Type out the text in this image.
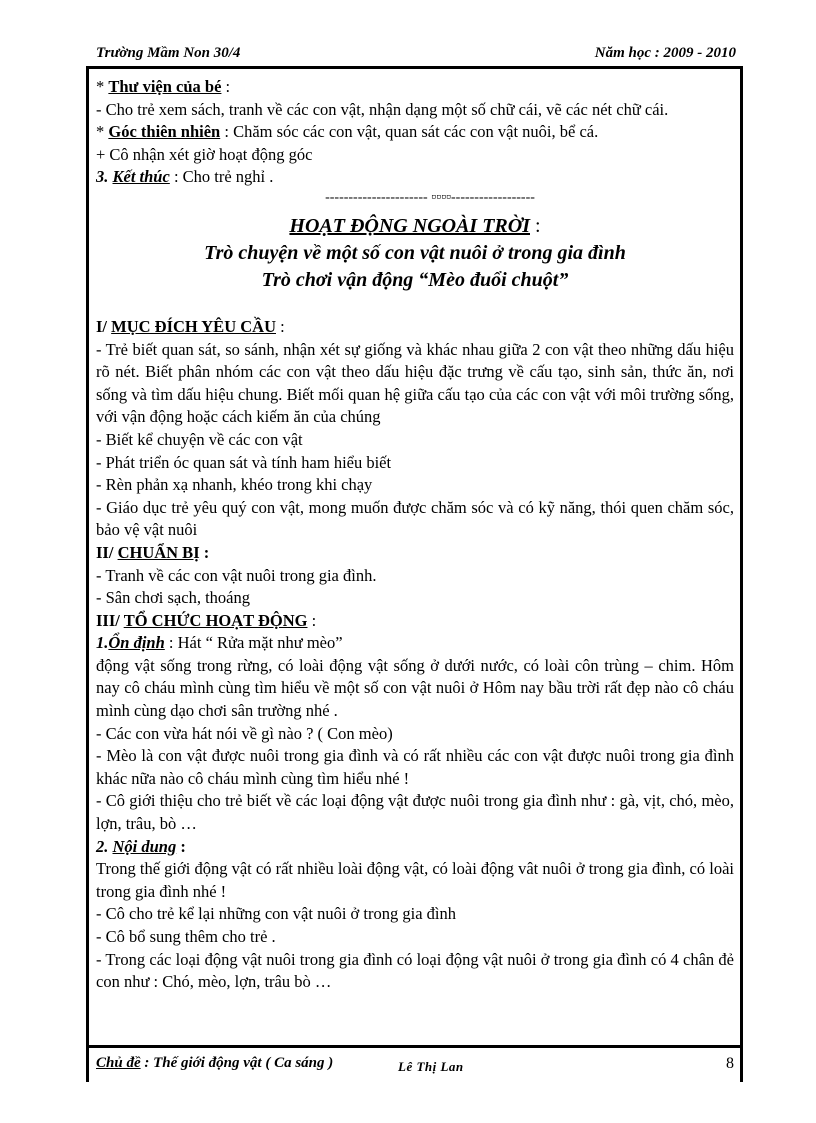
Trường Mầm Non 30/4	Năm học : 2009 - 2010

* Thư viện của bé :

- Cho trẻ xem sách, tranh về các con vật, nhận dạng một số chữ cái, vẽ các nét chữ cái.

* Góc thiên nhiên : Chăm sóc các con vật, quan sát các con vật nuôi, bể cá.

+ Cô nhận xét giờ hoạt động góc

3. Kết thúc : Cho trẻ nghỉ .

---------------------- ▫▫▫▫------------------

HOẠT ĐỘNG NGOÀI TRỜI :

Trò chuyện về một số con vật nuôi ở trong gia đình

Trò chơi vận động “Mèo đuổi chuột”

I/ MỤC ĐÍCH YÊU CẦU :

- Trẻ biết quan sát, so sánh, nhận xét sự giống và khác nhau giữa 2 con vật theo những dấu hiệu rõ nét. Biết phân nhóm các con vật theo dấu hiệu đặc trưng về cấu tạo, sinh sản, thức ăn, nơi sống và tìm dấu hiệu chung. Biết mối quan hệ giữa cấu tạo của các con vật với môi trường sống, với vận động hoặc cách kiếm ăn của chúng

- Biết kể chuyện về các con vật

- Phát triển óc quan sát và tính ham hiểu biết

- Rèn phản xạ nhanh, khéo trong khi chạy

- Giáo dục trẻ yêu quý con vật, mong muốn được chăm sóc và có kỹ năng, thói quen chăm sóc, bảo vệ vật nuôi

II/ CHUẨN BỊ :

- Tranh về các con vật nuôi trong gia đình.

- Sân chơi sạch, thoáng

III/ TỔ CHỨC HOẠT ĐỘNG :

1.Ổn định : Hát “ Rửa mặt như mèo”

động vật sống trong rừng, có loài động vật sống ở dưới nước, có loài côn trùng – chim. Hôm nay cô cháu mình cùng tìm hiểu về một số con vật nuôi ở Hôm nay bầu trời rất đẹp nào cô cháu mình cùng dạo chơi sân trường nhé .

- Các con vừa hát nói về gì nào ? ( Con mèo)

- Mèo là con vật được nuôi trong gia đình và có rất nhiều các con vật được nuôi trong gia đình khác nữa nào cô cháu mình cùng tìm hiểu nhé !

- Cô giới thiệu cho trẻ biết về các loại động vật được nuôi trong gia đình như : gà, vịt, chó, mèo, lợn, trâu, bò …

2. Nội dung :

Trong thế giới động vật có rất nhiều loài động vật, có loài động vât nuôi ở trong gia đình, có loài trong gia đình nhé !

- Cô cho trẻ kể lại những con vật nuôi ở trong gia đình

- Cô bổ sung thêm cho trẻ .

- Trong các loại động vật nuôi trong gia đình có loại động vật nuôi ở trong gia đình có 4 chân đẻ con như : Chó, mèo, lợn, trâu bò …

Chủ đề : Thế giới động vật ( Ca sáng )	Lê Thị Lan	8
